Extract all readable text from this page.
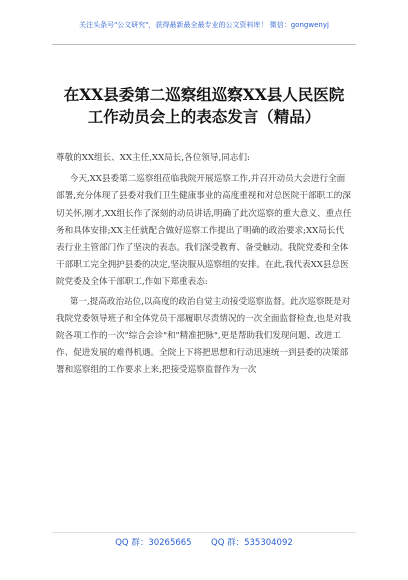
关注头条号"公文研究"，获得最新最全最专业的公文资料库！ 微信：gongwenyj
在XX县委第二巡察组巡察XX县人民医院
工作动员会上的表态发言（精品）

尊敬的XX组长、XX主任,XX局长,各位领导,同志们:

今天,XX县委第二巡察组莅临我院开展巡察工作,并召开动员大会进行全面部署,充分体现了县委对我们卫生健康事业的高度重视和对总医院干部职工的深切关怀,刚才,XX组长作了深刻的动员讲话,明确了此次巡察的重大意义、重点任务和具体安排;XX主任就配合做好巡察工作提出了明确的政治要求;XX局长代表行业主管部门作了坚决的表态。我们深受教育、备受触动。我院党委和全体干部职工完全拥护县委的决定,坚决服从巡察组的安排。在此,我代表XX县总医院党委及全体干部职工,作如下郑重表态:

第一,提高政治站位,以高度的政治自觉主动接受巡察监督。此次巡察既是对我院党委领导班子和全体党员干部履职尽责情况的一次全面监督检查,也是对我院各项工作的一次"综合会诊"和"精准把脉",更是帮助我们发现问题、改进工作、促进发展的难得机遇。全院上下将把思想和行动迅速统一到县委的决策部署和巡察组的工作要求上来,把接受巡察监督作为一次

QQ 群：30265665 QQ 群：535304092
